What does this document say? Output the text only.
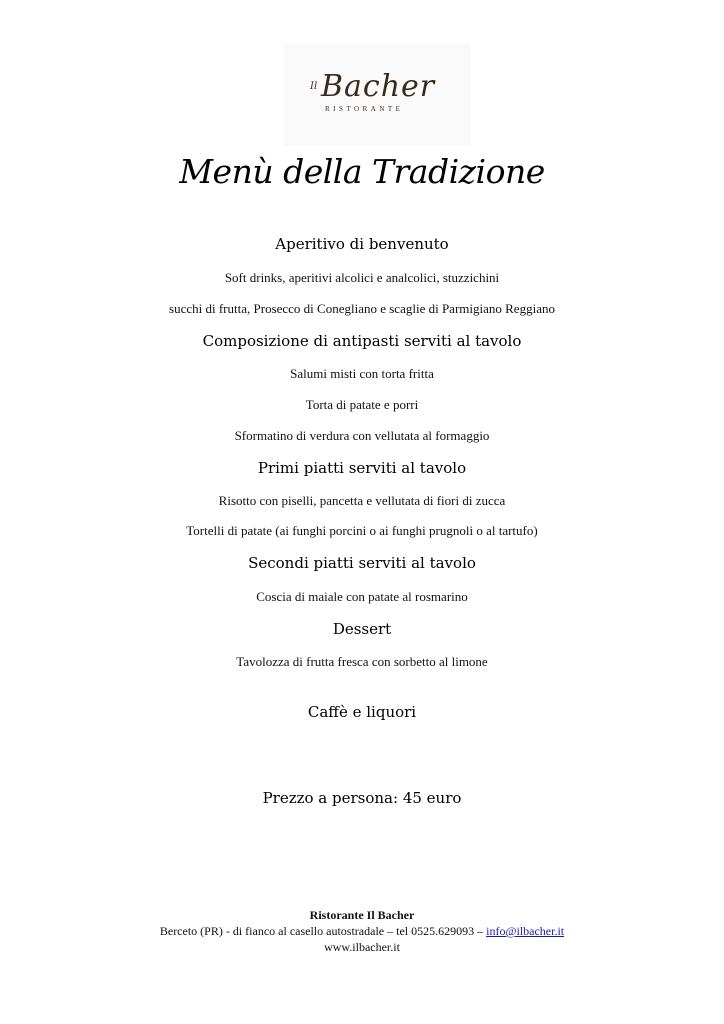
Il Bacher
RISTORANTE
Menù della Tradizione
Aperitivo di benvenuto
Soft drinks, aperitivi alcolici e analcolici, stuzzichini
succhi di frutta, Prosecco di Conegliano e scaglie di Parmigiano Reggiano
Composizione di antipasti serviti al tavolo
Salumi misti con torta fritta
Torta di patate e porri
Sformatino di verdura con vellutata al formaggio
Primi piatti serviti al tavolo
Risotto con piselli, pancetta e vellutata di fiori di zucca
Tortelli di patate (ai funghi porcini o ai funghi prugnoli o al tartufo)
Secondi piatti serviti al tavolo
Coscia di maiale con patate al rosmarino
Dessert
Tavolozza di frutta fresca con sorbetto al limone
Caffè e liquori
Prezzo a persona: 45 euro
Ristorante Il Bacher
Berceto (PR) - di fianco al casello autostradale – tel 0525.629093 – info@ilbacher.it
www.ilbacher.it
